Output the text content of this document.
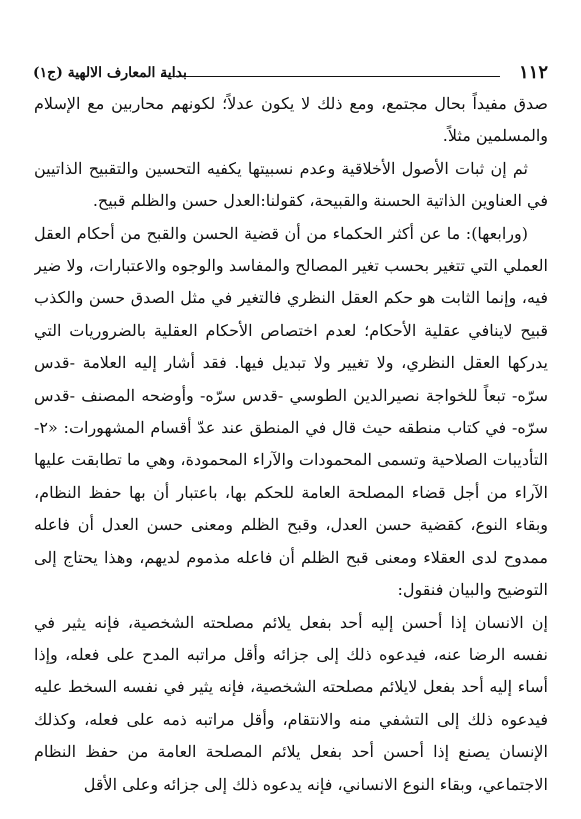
١١٢
بداية المعارف الالهية (ج١)

صدق مفيداً بحال مجتمع، ومع ذلك لا يكون عدلاً؛ لكونهم محاربين مع الإسلام والمسلمين مثلاً.

ثم إن ثبات الأصول الأخلاقية وعدم نسبيتها يكفيه التحسين والتقبيح الذاتيين في العناوين الذاتية الحسنة والقبيحة، كقولنا:العدل حسن والظلم قبيح.

(ورابعها): ما عن أكثر الحكماء من أن قضية الحسن والقبح من أحكام العقل العملي التي تتغير بحسب تغير المصالح والمفاسد والوجوه والاعتبارات، ولا ضير فيه، وإنما الثابت هو حكم العقل النظري فالتغير في مثل الصدق حسن والكذب قبيح لاينافي عقلية الأحكام؛ لعدم اختصاص الأحكام العقلية بالضروريات التي يدركها العقل النظري، ولا تغيير ولا تبديل فيها. فقد أشار إليه العلامة -قدس سرّه- تبعاً للخواجة نصيرالدين الطوسي -قدس سرّه- وأوضحه المصنف -قدس سرّه- في كتاب منطقه حيث قال في المنطق عند عدّ أقسام المشهورات: «٢- التأديبات الصلاحية وتسمى المحمودات والآراء المحمودة، وهي ما تطابقت عليها الآراء من أجل قضاء المصلحة العامة للحكم بها، باعتبار أن بها حفظ النظام، وبقاء النوع، كقضية حسن العدل، وقبح الظلم ومعنى حسن العدل أن فاعله ممدوح لدى العقلاء ومعنى قبح الظلم أن فاعله مذموم لديهم، وهذا يحتاج إلى التوضيح والبيان فنقول:

إن الانسان إذا أحسن إليه أحد بفعل يلائم مصلحته الشخصية، فإنه يثير في نفسه الرضا عنه، فيدعوه ذلك إلى جزائه وأقل مراتبه المدح على فعله، وإذا أساء إليه أحد بفعل لايلائم مصلحته الشخصية، فإنه يثير في نفسه السخط عليه فيدعوه ذلك إلى التشفي منه والانتقام، وأقل مراتبه ذمه على فعله، وكذلك الإنسان يصنع إذا أحسن أحد بفعل يلائم المصلحة العامة من حفظ النظام الاجتماعي، وبقاء النوع الانساني، فإنه يدعوه ذلك إلى جزائه وعلى الأقل
